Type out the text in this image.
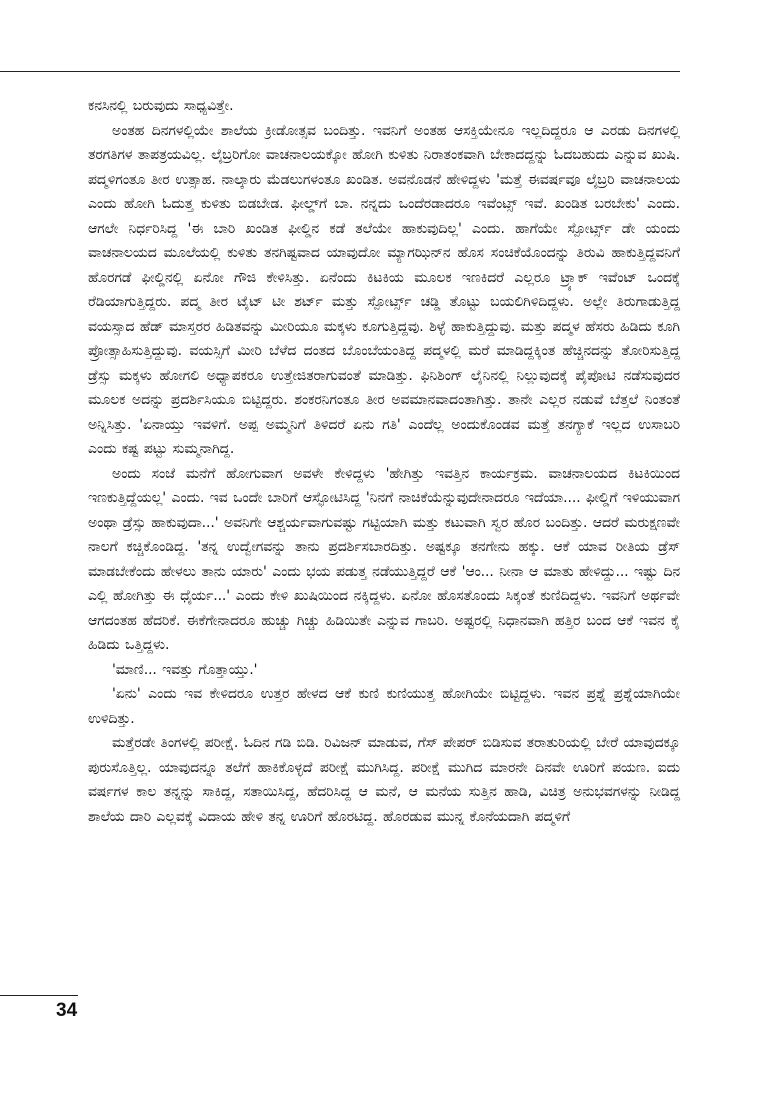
ಕನಸಿನಲ್ಲಿ ಬರುವುದು ಸಾಧ್ಯವಿತ್ತೇ.

ಅಂತಹ ದಿನಗಳಲ್ಲಿಯೇ ಶಾಲೆಯ ಕ್ರೀಡೋತ್ಸವ ಬಂದಿತ್ತು. ಇವನಿಗೆ ಅಂತಹ ಆಸಕ್ತಿಯೇನೂ ಇಲ್ಲದಿದ್ದರೂ ಆ ಎರಡು ದಿನಗಳಲ್ಲಿ ತರಗತಿಗಳ ತಾಪತ್ರಯವಿಲ್ಲ. ಲೈಬ್ರರಿಗೋ ವಾಚನಾಲಯಕ್ಕೋ ಹೋಗಿ ಕುಳಿತು ನಿರಾತಂಕವಾಗಿ ಬೇಕಾದದ್ದನ್ನು ಓದಬಹುದು ಎನ್ನುವ ಖುಷಿ. ಪದ್ಮಳಿಗಂತೂ ತೀರ ಉತ್ಸಾಹ. ನಾಲ್ಕಾರು ಮೆಡಲುಗಳಂತೂ ಖಂಡಿತ. ಅವನೊಡನೆ ಹೇಳಿದ್ದಳು 'ಮತ್ತೆ ಈವರ್ಷವೂ ಲೈಬ್ರರಿ ವಾಚನಾಲಯ ಎಂದು ಹೋಗಿ ಓದುತ್ತ ಕುಳಿತು ಬಿಡಬೇಡ. ಫೀಲ್ಡ್‌ಗೆ ಬಾ. ನನ್ನದು ಒಂದೆರಡಾದರೂ ಇವೆಂಟ್ಸ್ ಇವೆ. ಖಂಡಿತ ಬರಬೇಕು' ಎಂದು. ಆಗಲೇ ನಿರ್ಧರಿಸಿದ್ದ 'ಈ ಬಾರಿ ಖಂಡಿತ ಫೀಲ್ಡಿನ ಕಡೆ ತಲೆಯೇ ಹಾಕುವುದಿಲ್ಲ' ಎಂದು. ಹಾಗೆಯೇ ಸ್ಪೋರ್ಟ್ಸ್ ಡೇ ಯಂದು ವಾಚನಾಲಯದ ಮೂಲೆಯಲ್ಲಿ ಕುಳಿತು ತನಗಿಷ್ಟವಾದ ಯಾವುದೋ ಮ್ಯಾಗಝಿನ್‌ನ ಹೊಸ ಸಂಚಿಕೆಯೊಂದನ್ನು ತಿರುವಿ ಹಾಕುತ್ತಿದ್ದವನಿಗೆ ಹೊರಗಡೆ ಫೀಲ್ಡಿನಲ್ಲಿ ಏನೋ ಗೌಜಿ ಕೇಳಿಸಿತ್ತು. ಏನೆಂದು ಕಿಟಕಿಯ ಮೂಲಕ ಇಣಕಿದರೆ ಎಲ್ಲರೂ ಟ್ರ್ಯಾಕ್ ಇವೆಂಟ್ ಒಂದಕ್ಕೆ ರೆಡಿಯಾಗುತ್ತಿದ್ದರು. ಪದ್ಮ ತೀರ ಟೈಟ್ ಟೀ ಶರ್ಟ್ ಮತ್ತು ಸ್ಪೋರ್ಟ್ಸ್ ಚಡ್ಡಿ ತೊಟ್ಟು ಬಯಲಿಗಿಳಿದಿದ್ದಳು. ಅಲ್ಲೇ ತಿರುಗಾಡುತ್ತಿದ್ದ ವಯಸ್ಸಾದ ಹೆಡ್ ಮಾಸ್ತರರ ಹಿಡಿತವನ್ನು ಮೀರಿಯೂ ಮಕ್ಕಳು ಕೂಗುತ್ತಿದ್ದವು. ಶಿಳ್ಳೆ ಹಾಕುತ್ತಿದ್ದುವು. ಮತ್ತು ಪದ್ಮಳ ಹೆಸರು ಹಿಡಿದು ಕೂಗಿ ಪ್ರೋತ್ಸಾಹಿಸುತ್ತಿದ್ದುವು. ವಯಸ್ಸಿಗೆ ಮೀರಿ ಬೆಳೆದ ದಂತದ ಬೊಂಬೆಯಂತಿದ್ದ ಪದ್ಮಳಲ್ಲಿ ಮರೆ ಮಾಡಿದ್ದಕ್ಕಿಂತ ಹೆಚ್ಚಿನದನ್ನು ತೋರಿಸುತ್ತಿದ್ದ ಡ್ರೆಸ್ಸು ಮಕ್ಕಳು ಹೋಗಲಿ ಅಧ್ಯಾಪಕರೂ ಉತ್ತೇಜಿತರಾಗುವಂತೆ ಮಾಡಿತ್ತು. ಫಿನಿಶಿಂಗ್ ಲೈನಿನಲ್ಲಿ ನಿಲ್ಲುವುದಕ್ಕೆ ಪೈಪೋಟಿ ನಡೆಸುವುದರ ಮೂಲಕ ಅದನ್ನು ಪ್ರದರ್ಶಿಸಿಯೂ ಬಿಟ್ಟಿದ್ದರು. ಶಂಕರನಿಗಂತೂ ತೀರ ಅವಮಾನವಾದಂತಾಗಿತ್ತು. ತಾನೇ ಎಲ್ಲರ ನಡುವೆ ಬೆತ್ತಲೆ ನಿಂತಂತೆ ಅನ್ನಿಸಿತ್ತು. 'ಏನಾಯ್ತು ಇವಳಿಗೆ. ಅಪ್ಪ ಅಮ್ಮನಿಗೆ ತಿಳಿದರೆ ಏನು ಗತಿ' ಎಂದೆಲ್ಲ ಅಂದುಕೊಂಡವ ಮತ್ತೆ ತನಗ್ಯಾಕೆ ಇಲ್ಲದ ಉಸಾಬರಿ ಎಂದು ಕಷ್ಟ ಪಟ್ಟು ಸುಮ್ಮನಾಗಿದ್ದ.

ಅಂದು ಸಂಜೆ ಮನೆಗೆ ಹೋಗುವಾಗ ಅವಳೇ ಕೇಳಿದ್ದಳು 'ಹೇಗಿತ್ತು ಇವತ್ತಿನ ಕಾರ್ಯಕ್ರಮ. ವಾಚನಾಲಯದ ಕಿಟಕಿಯಿಂದ ಇಣಕುತ್ತಿದ್ದೆಯಲ್ಲ' ಎಂದು. ಇವ ಒಂದೇ ಬಾರಿಗೆ ಆಸ್ಫೋಟಿಸಿದ್ದ 'ನಿನಗೆ ನಾಚಿಕೆಯೆನ್ನುವುದೇನಾದರೂ ಇದೆಯಾ.... ಫೀಲ್ಡಿಗೆ ಇಳಿಯುವಾಗ ಅಂಥಾ ಡ್ರೆಸ್ಸು ಹಾಕುವುದಾ...' ಅವನಿಗೇ ಆಶ್ಚರ್ಯವಾಗುವಷ್ಟು ಗಟ್ಟಿಯಾಗಿ ಮತ್ತು ಕಟುವಾಗಿ ಸ್ವರ ಹೊರ ಬಂದಿತ್ತು. ಆದರೆ ಮರುಕ್ಷಣವೇ ನಾಲಗೆ ಕಚ್ಚಿಕೊಂಡಿದ್ದ. 'ತನ್ನ ಉದ್ವೇಗವನ್ನು ತಾನು ಪ್ರದರ್ಶಿಸಬಾರದಿತ್ತು. ಅಷ್ಟಕ್ಕೂ ತನಗೇನು ಹಕ್ಕು. ಆಕೆ ಯಾವ ರೀತಿಯ ಡ್ರೆಸ್ ಮಾಡಬೇಕೆಂದು ಹೇಳಲು ತಾನು ಯಾರು' ಎಂದು ಭಯ ಪಡುತ್ತ ನಡೆಯುತ್ತಿದ್ದರೆ ಆಕೆ 'ಆಂ... ನೀನಾ ಆ ಮಾತು ಹೇಳಿದ್ದು... ಇಷ್ಟು ದಿನ ಎಲ್ಲಿ ಹೋಗಿತ್ತು ಈ ಧೈರ್ಯ...' ಎಂದು ಕೇಳಿ ಖುಷಿಯಿಂದ ನಕ್ಕಿದ್ದಳು. ಏನೋ ಹೊಸತೊಂದು ಸಿಕ್ಕಂತೆ ಕುಣಿದಿದ್ದಳು. ಇವನಿಗೆ ಅರ್ಥವೇ ಆಗದಂತಹ ಹೆದರಿಕೆ. ಈಕೆಗೇನಾದರೂ ಹುಚ್ಚು ಗಿಚ್ಚು ಹಿಡಿಯಿತೇ ಎನ್ನುವ ಗಾಬರಿ. ಅಷ್ಟರಲ್ಲಿ ನಿಧಾನವಾಗಿ ಹತ್ತಿರ ಬಂದ ಆಕೆ ಇವನ ಕೈ ಹಿಡಿದು ಒತ್ತಿದ್ದಳು.

'ಮಾಣಿ... ಇವತ್ತು ಗೊತ್ತಾಯ್ತು.'

'ಏನು' ಎಂದು ಇವ ಕೇಳಿದರೂ ಉತ್ತರ ಹೇಳದ ಆಕೆ ಕುಣಿ ಕುಣಿಯುತ್ತ ಹೋಗಿಯೇ ಬಿಟ್ಟಿದ್ದಳು. ಇವನ ಪ್ರಶ್ನೆ ಪ್ರಶ್ನೆಯಾಗಿಯೇ ಉಳಿದಿತ್ತು.

ಮತ್ತೆರಡೇ ತಿಂಗಳಲ್ಲಿ ಪರೀಕ್ಷೆ. ಓದಿನ ಗಡಿ ಬಿಡಿ. ರಿವಿಜನ್ ಮಾಡುವ, ಗೆಸ್ ಪೇಪರ್ ಬಿಡಿಸುವ ತರಾತುರಿಯಲ್ಲಿ ಬೇರೆ ಯಾವುದಕ್ಕೂ ಪುರುಸೊತ್ತಿಲ್ಲ. ಯಾವುದನ್ನೂ ತಲೆಗೆ ಹಾಕಿಕೊಳ್ಳದೆ ಪರೀಕ್ಷೆ ಮುಗಿಸಿದ್ದ. ಪರೀಕ್ಷೆ ಮುಗಿದ ಮಾರನೇ ದಿನವೇ ಊರಿಗೆ ಪಯಣ. ಐದು ವರ್ಷಗಳ ಕಾಲ ತನ್ನನ್ನು ಸಾಕಿದ್ದ, ಸತಾಯಿಸಿದ್ದ, ಹೆದರಿಸಿದ್ದ ಆ ಮನೆ, ಆ ಮನೆಯ ಸುತ್ತಿನ ಹಾಡಿ, ವಿಚಿತ್ರ ಅನುಭವಗಳನ್ನು ನೀಡಿದ್ದ ಶಾಲೆಯ ದಾರಿ ಎಲ್ಲವಕ್ಕೆ ವಿದಾಯ ಹೇಳಿ ತನ್ನ ಊರಿಗೆ ಹೊರಟಿದ್ದ. ಹೊರಡುವ ಮುನ್ನ ಕೊನೆಯದಾಗಿ ಪದ್ಮಳಿಗೆ

34
